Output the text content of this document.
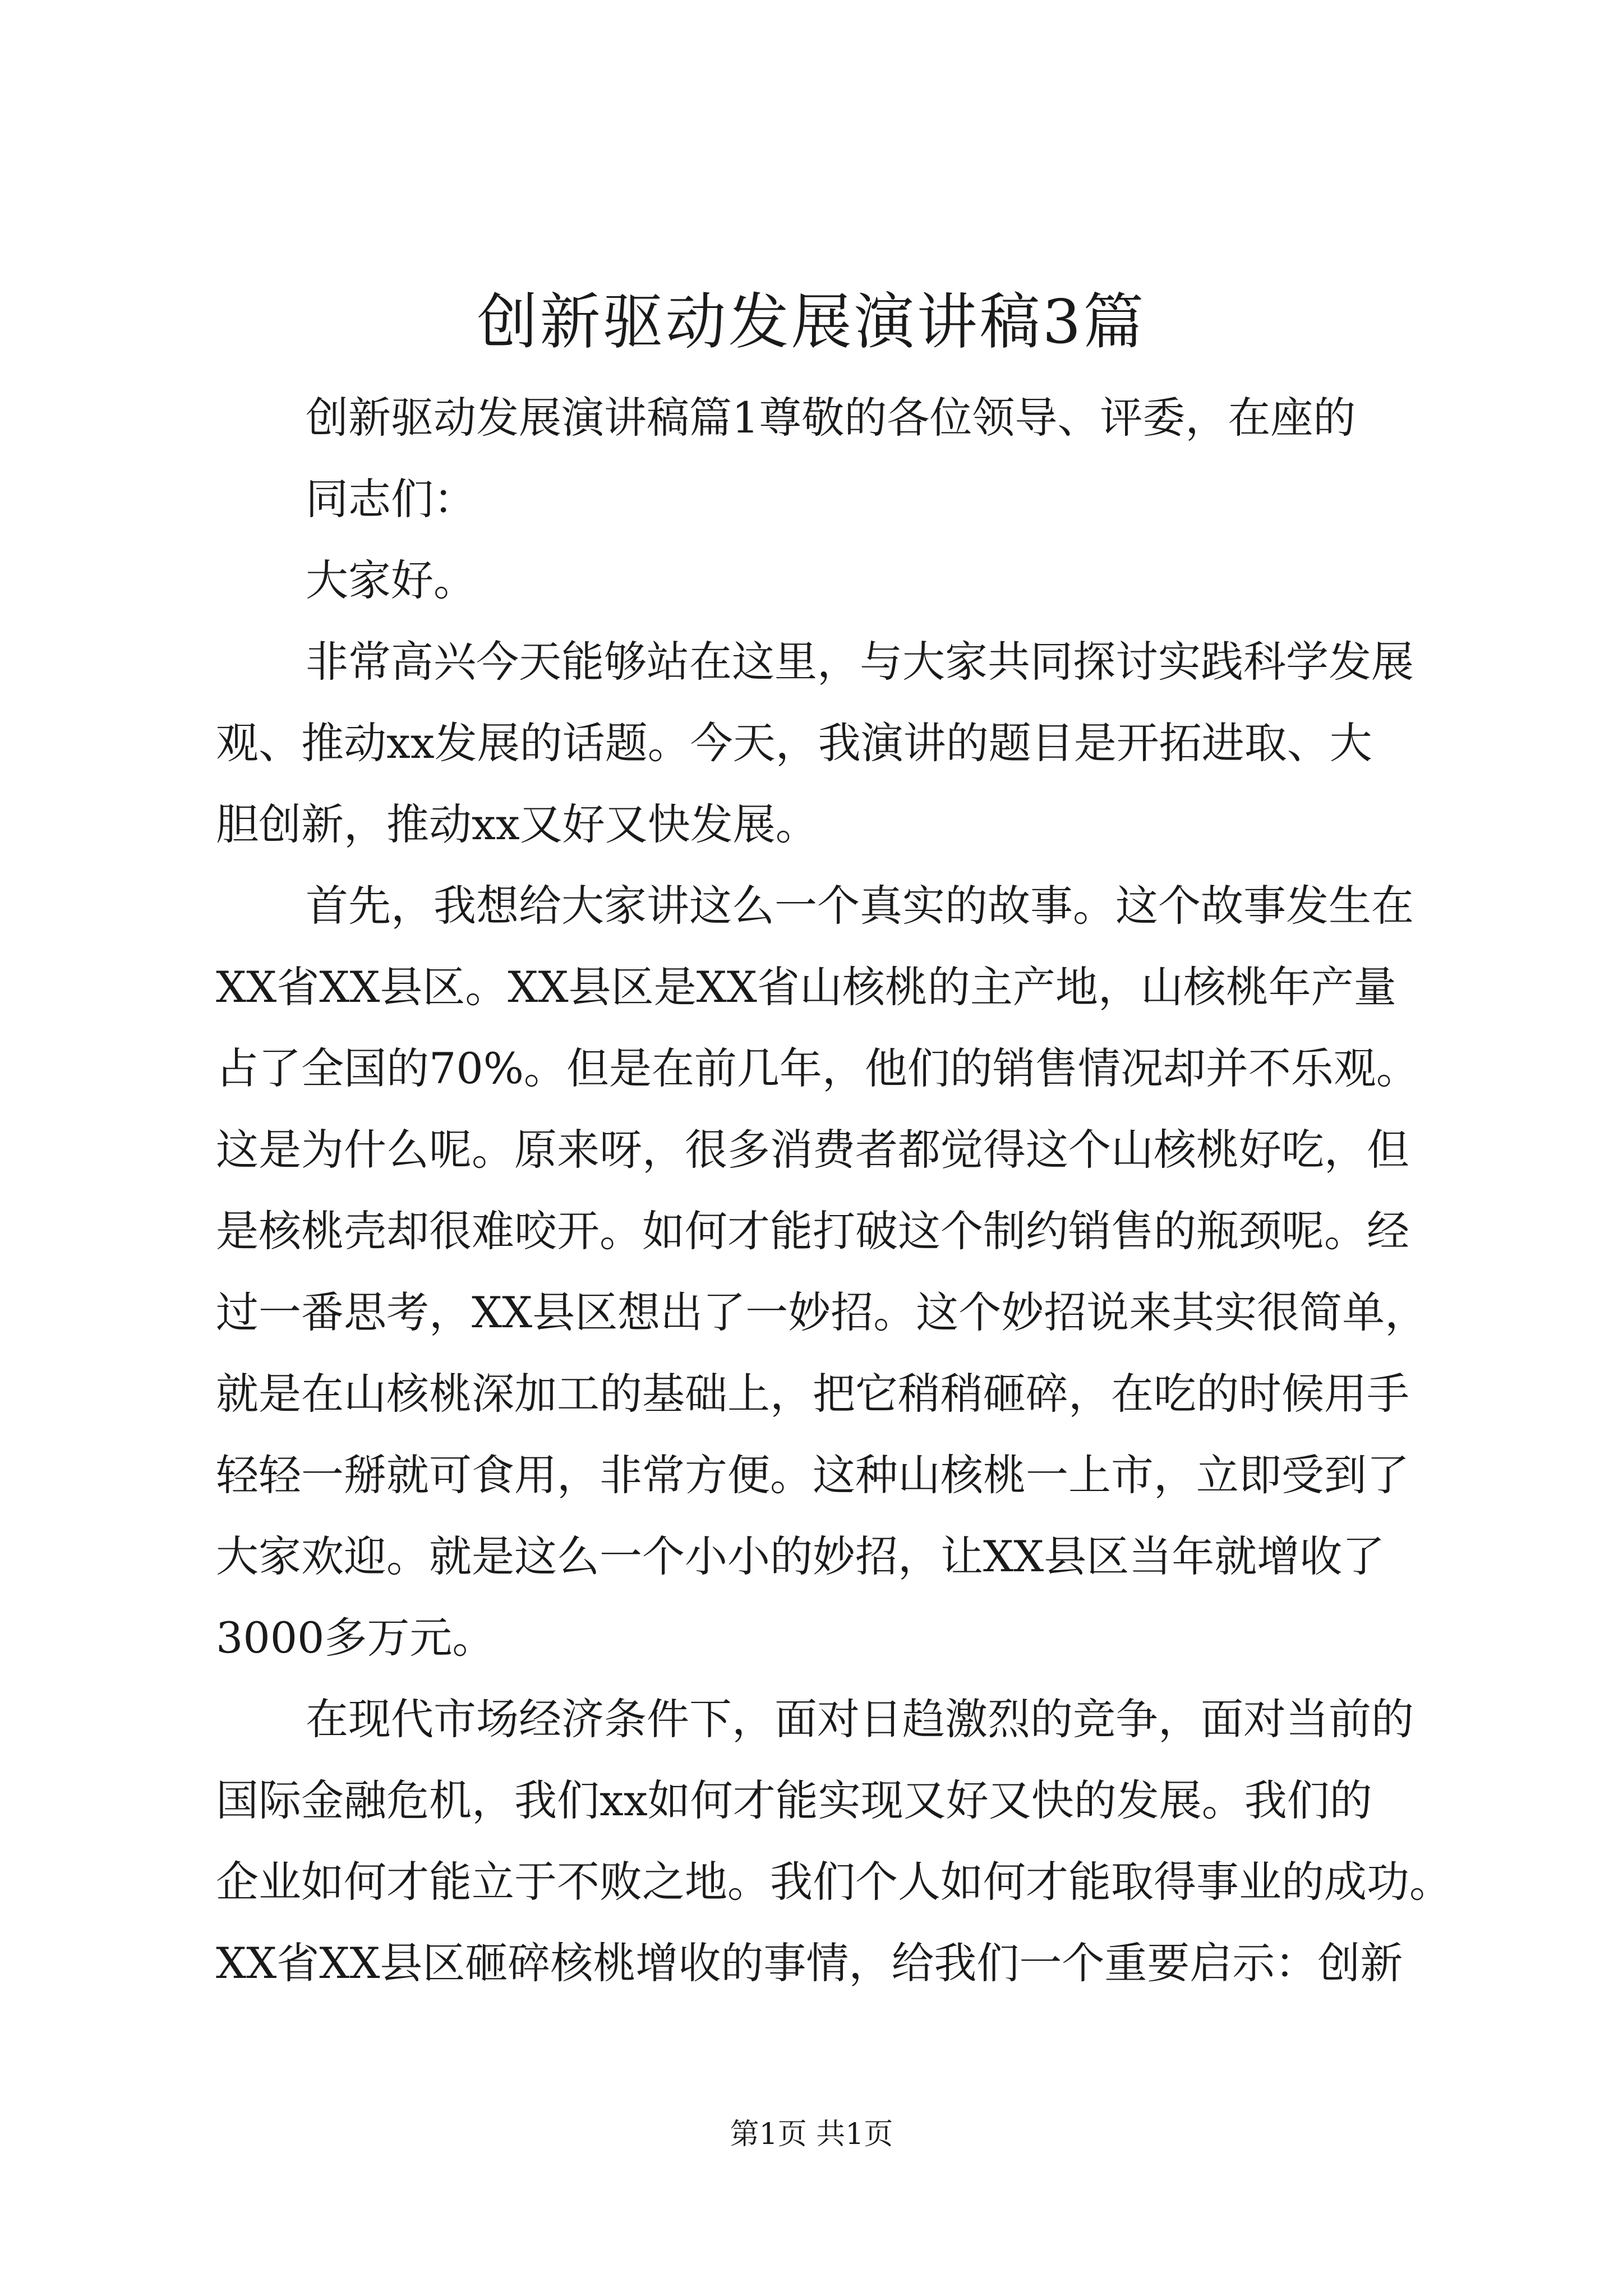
创新驱动发展演讲稿3篇

创新驱动发展演讲稿篇1尊敬的各位领导、评委，在座的

同志们：

大家好。

非常高兴今天能够站在这里，与大家共同探讨实践科学发展

观、推动xx发展的话题。今天，我演讲的题目是开拓进取、大

胆创新，推动xx又好又快发展。

首先，我想给大家讲这么一个真实的故事。这个故事发生在

XX省XX县区。XX县区是XX省山核桃的主产地，山核桃年产量

占了全国的70%。但是在前几年，他们的销售情况却并不乐观。

这是为什么呢。原来呀，很多消费者都觉得这个山核桃好吃，但

是核桃壳却很难咬开。如何才能打破这个制约销售的瓶颈呢。经

过一番思考，XX县区想出了一妙招。这个妙招说来其实很简单，

就是在山核桃深加工的基础上，把它稍稍砸碎，在吃的时候用手

轻轻一掰就可食用，非常方便。这种山核桃一上市，立即受到了

大家欢迎。就是这么一个小小的妙招，让XX县区当年就增收了

3000多万元。

在现代市场经济条件下，面对日趋激烈的竞争，面对当前的

国际金融危机，我们xx如何才能实现又好又快的发展。我们的

企业如何才能立于不败之地。我们个人如何才能取得事业的成功。

XX省XX县区砸碎核桃增收的事情，给我们一个重要启示：创新

第1页 共1页
